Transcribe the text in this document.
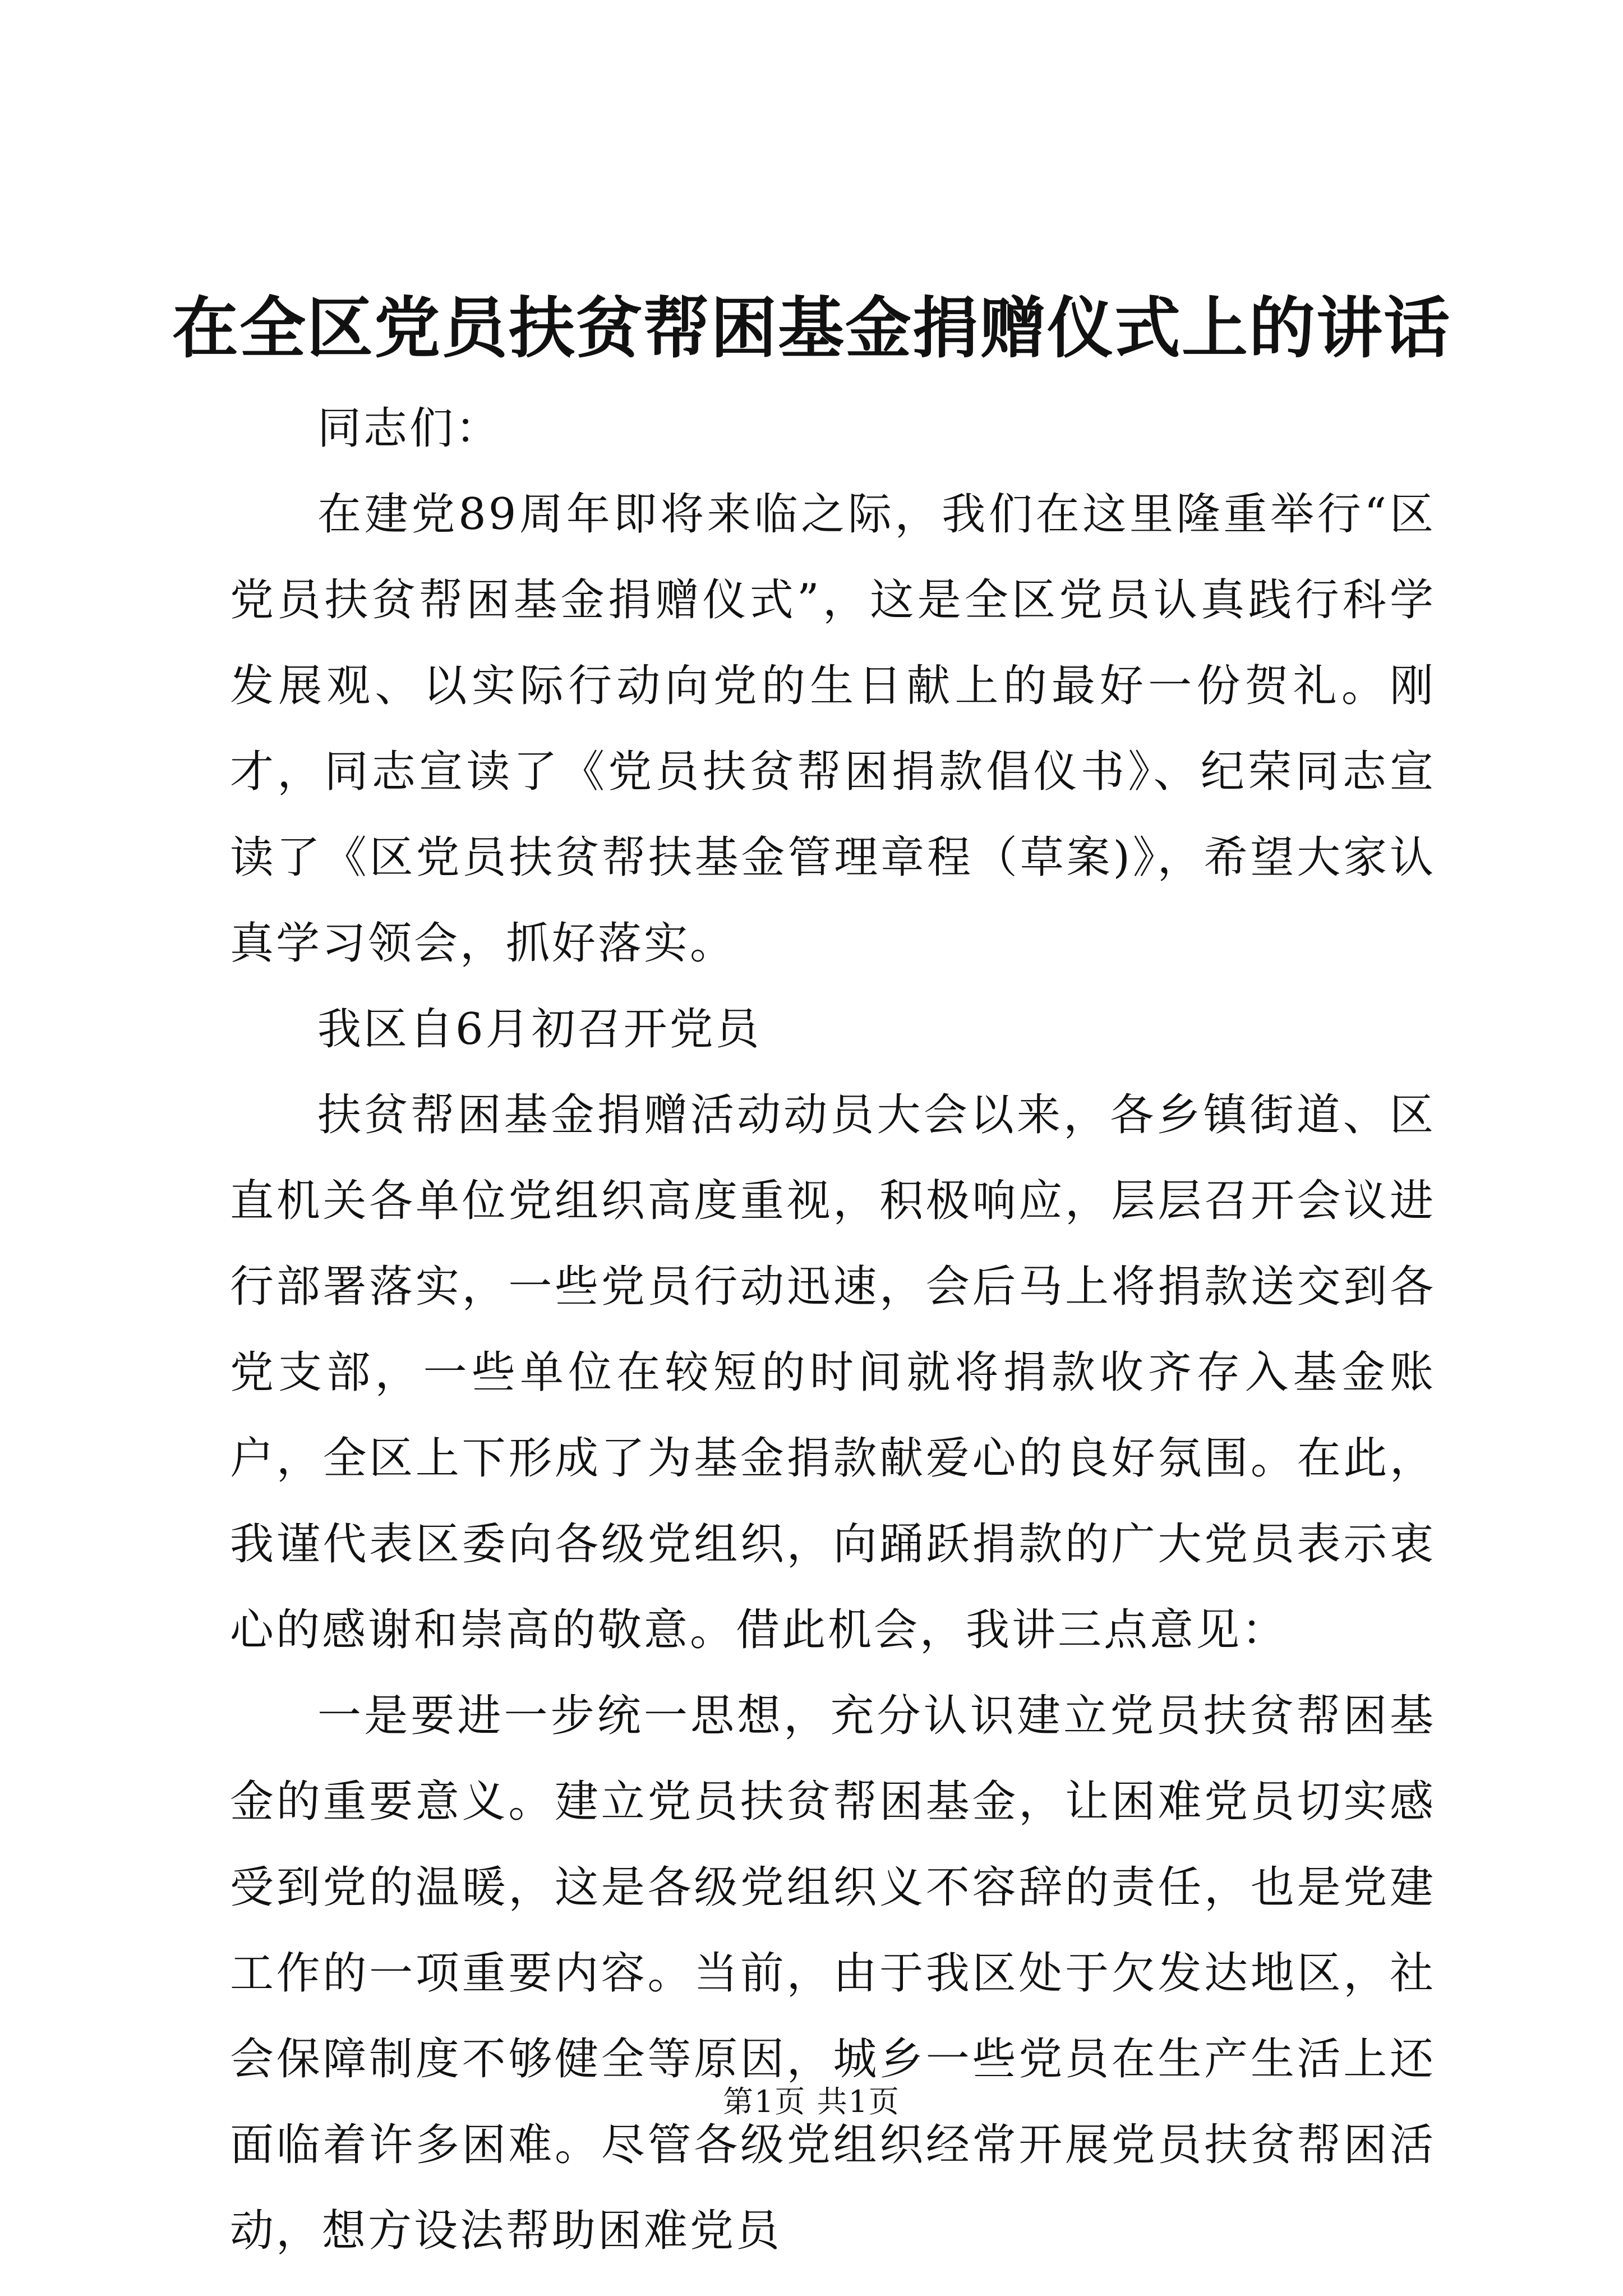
在全区党员扶贫帮困基金捐赠仪式上的讲话

同志们：

在建党89周年即将来临之际，我们在这里隆重举行“区党员扶贫帮困基金捐赠仪式”，这是全区党员认真践行科学发展观、以实际行动向党的生日献上的最好一份贺礼。刚才，同志宣读了《党员扶贫帮困捐款倡仪书》、纪荣同志宣读了《区党员扶贫帮扶基金管理章程（草案)》，希望大家认真学习领会，抓好落实。

我区自6月初召开党员

扶贫帮困基金捐赠活动动员大会以来，各乡镇街道、区直机关各单位党组织高度重视，积极响应，层层召开会议进行部署落实，一些党员行动迅速，会后马上将捐款送交到各党支部，一些单位在较短的时间就将捐款收齐存入基金账户，全区上下形成了为基金捐款献爱心的良好氛围。在此，我谨代表区委向各级党组织，向踊跃捐款的广大党员表示衷心的感谢和崇高的敬意。借此机会，我讲三点意见：

一是要进一步统一思想，充分认识建立党员扶贫帮困基金的重要意义。建立党员扶贫帮困基金，让困难党员切实感受到党的温暖，这是各级党组织义不容辞的责任，也是党建工作的一项重要内容。当前，由于我区处于欠发达地区，社会保障制度不够健全等原因，城乡一些党员在生产生活上还面临着许多困难。尽管各级党组织经常开展党员扶贫帮困活动，想方设法帮助困难党员

第1页 共1页
